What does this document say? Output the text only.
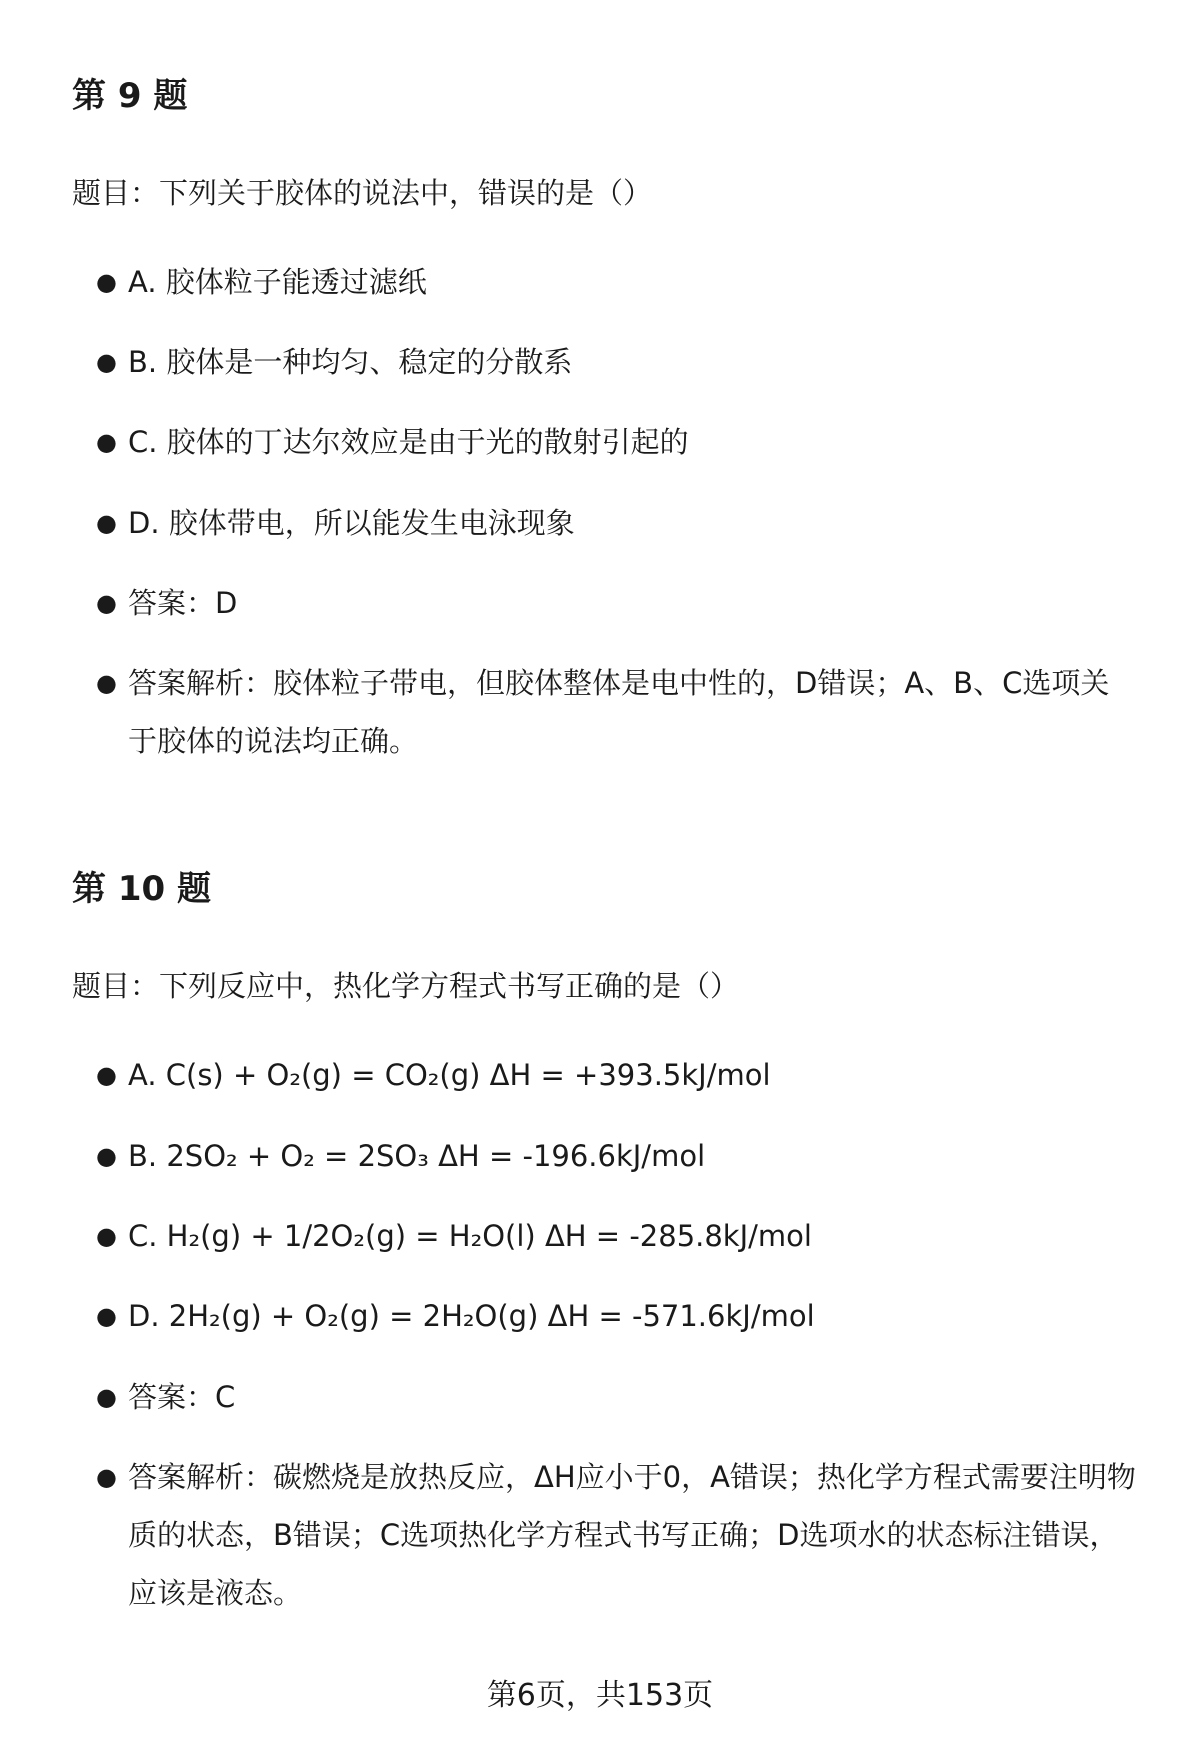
第 9 题

题目：下列关于胶体的说法中，错误的是（）

● A. 胶体粒子能透过滤纸
● B. 胶体是一种均匀、稳定的分散系
● C. 胶体的丁达尔效应是由于光的散射引起的
● D. 胶体带电，所以能发生电泳现象
● 答案：D
● 答案解析：胶体粒子带电，但胶体整体是电中性的，D错误；A、B、C选项关于胶体的说法均正确。
第 10 题

题目：下列反应中，热化学方程式书写正确的是（）

● A. C(s) + O₂(g) = CO₂(g) ΔH = +393.5kJ/mol
● B. 2SO₂ + O₂ = 2SO₃ ΔH = -196.6kJ/mol
● C. H₂(g) + 1/2O₂(g) = H₂O(l) ΔH = -285.8kJ/mol
● D. 2H₂(g) + O₂(g) = 2H₂O(g) ΔH = -571.6kJ/mol
● 答案：C
● 答案解析：碳燃烧是放热反应，ΔH应小于0，A错误；热化学方程式需要注明物质的状态，B错误；C选项热化学方程式书写正确；D选项水的状态标注错误，应该是液态。

第6页，共153页
